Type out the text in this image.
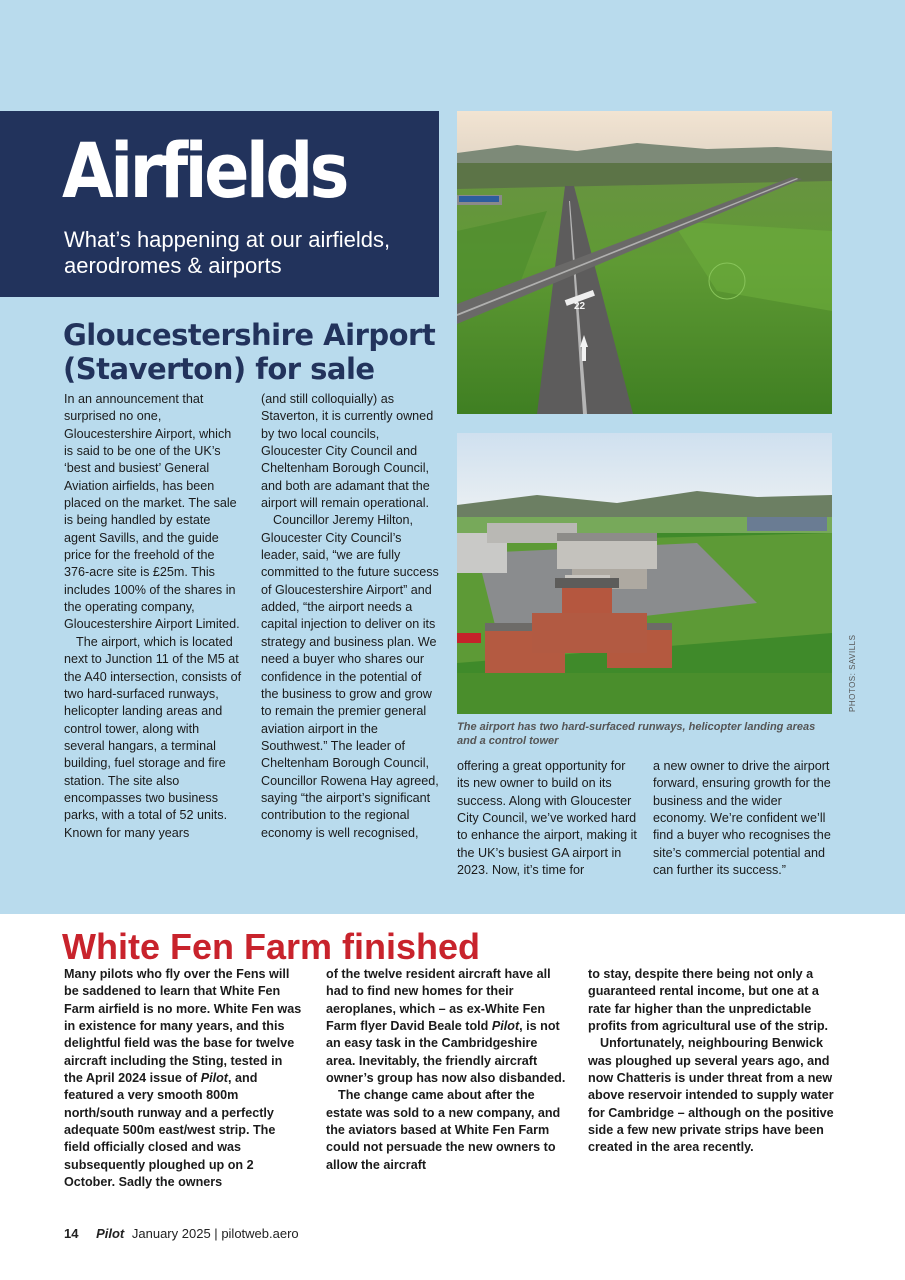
Airfields
What’s happening at our airfields, aerodromes & airports
Gloucestershire Airport (Staverton) for sale

In an announcement that surprised no one, Gloucestershire Airport, which is said to be one of the UK’s ‘best and busiest’ General Aviation airfields, has been placed on the market. The sale is being handled by estate agent Savills, and the guide price for the freehold of the 376-acre site is £25m. This includes 100% of the shares in the operating company, Gloucestershire Airport Limited.

The airport, which is located next to Junction 11 of the M5 at the A40 intersection, consists of two hard-surfaced runways, helicopter landing areas and control tower, along with several hangars, a terminal building, fuel storage and fire station. The site also encompasses two business parks, with a total of 52 units. Known for many years

(and still colloquially) as Staverton, it is currently owned by two local councils, Gloucester City Council and Cheltenham Borough Council, and both are adamant that the airport will remain operational.

Councillor Jeremy Hilton, Gloucester City Council’s leader, said, “we are fully committed to the future success of Gloucestershire Airport” and added, “the airport needs a capital injection to deliver on its strategy and business plan. We need a buyer who shares our confidence in the potential of the business to grow and grow to remain the premier general aviation airport in the Southwest.” The leader of Cheltenham Borough Council, Councillor Rowena Hay agreed, saying “the airport’s significant contribution to the regional economy is well recognised,

22
The airport has two hard-surfaced runways, helicopter landing areas and a control tower
PHOTOS: SAVILLS

offering a great opportunity for its new owner to build on its success. Along with Gloucester City Council, we’ve worked hard to enhance the airport, making it the UK’s busiest GA airport in 2023. Now, it’s time for

a new owner to drive the airport forward, ensuring growth for the business and the wider economy. We’re confident we’ll find a buyer who recognises the site’s commercial potential and can further its success.”

White Fen Farm finished

Many pilots who fly over the Fens will be saddened to learn that White Fen Farm airfield is no more. White Fen was in existence for many years, and this delightful field was the base for twelve aircraft including the Sting, tested in the April 2024 issue of Pilot, and featured a very smooth 800m north/south runway and a perfectly adequate 500m east/west strip. The field officially closed and was subsequently ploughed up on 2 October. Sadly the owners

of the twelve resident aircraft have all had to find new homes for their aeroplanes, which – as ex-White Fen Farm flyer David Beale told Pilot, is not an easy task in the Cambridgeshire area. Inevitably, the friendly aircraft owner’s group has now also disbanded.

The change came about after the estate was sold to a new company, and the aviators based at White Fen Farm could not persuade the new owners to allow the aircraft

to stay, despite there being not only a guaranteed rental income, but one at a rate far higher than the unpredictable profits from agricultural use of the strip.

Unfortunately, neighbouring Benwick was ploughed up several years ago, and now Chatteris is under threat from a new above reservoir intended to supply water for Cambridge – although on the positive side a few new private strips have been created in the area recently.

14 Pilot January 2025 | pilotweb.aero
